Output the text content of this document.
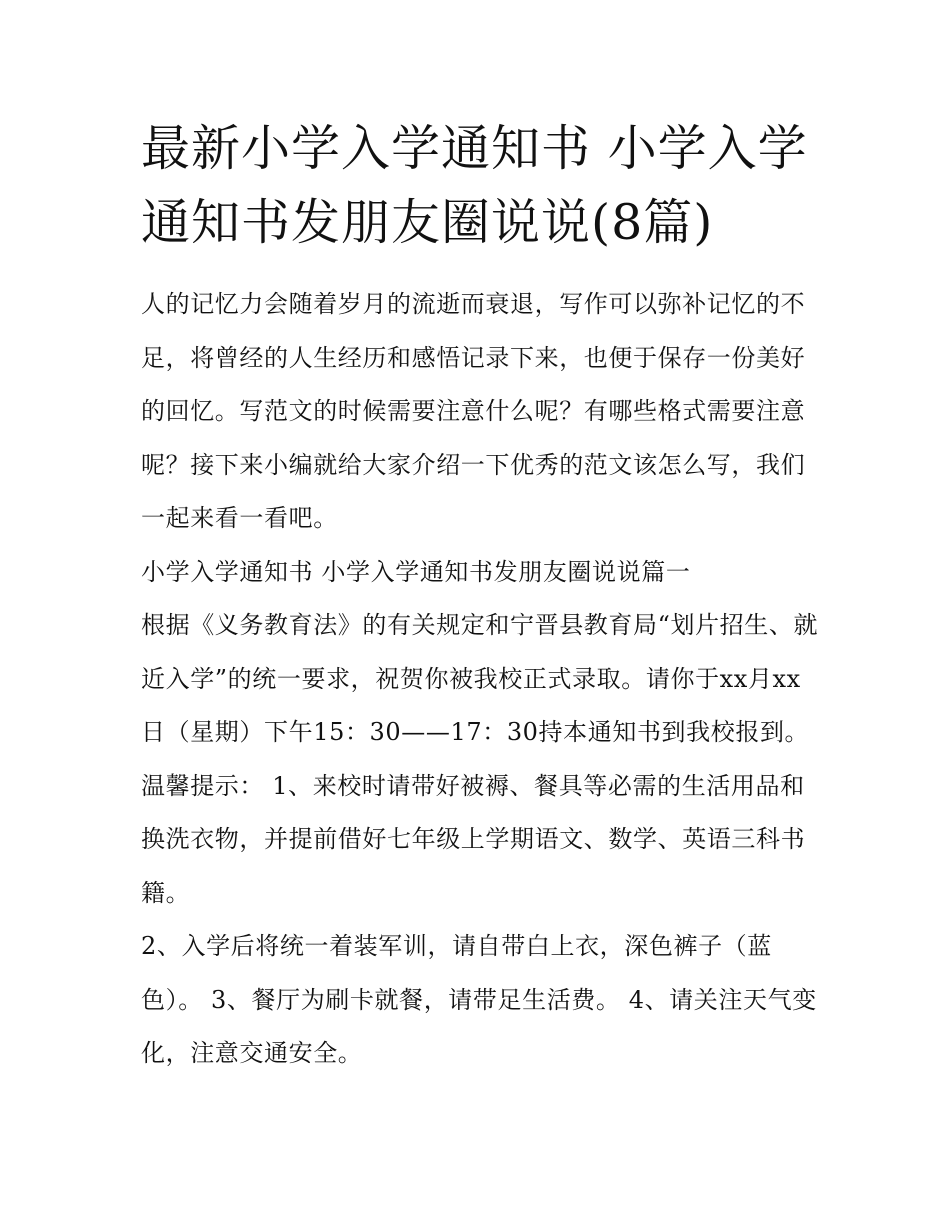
最新小学入学通知书 小学入学通知书发朋友圈说说(8篇)

人的记忆力会随着岁月的流逝而衰退，写作可以弥补记忆的不足，将曾经的人生经历和感悟记录下来，也便于保存一份美好的回忆。写范文的时候需要注意什么呢？有哪些格式需要注意呢？接下来小编就给大家介绍一下优秀的范文该怎么写，我们一起来看一看吧。

小学入学通知书 小学入学通知书发朋友圈说说篇一

根据《义务教育法》的有关规定和宁晋县教育局“划片招生、就近入学”的统一要求，祝贺你被我校正式录取。请你于xx月xx日（星期）下午15：30——17：30持本通知书到我校报到。

温馨提示： 1、来校时请带好被褥、餐具等必需的生活用品和换洗衣物，并提前借好七年级上学期语文、数学、英语三科书籍。

2、入学后将统一着装军训，请自带白上衣，深色裤子（蓝色）。 3、餐厅为刷卡就餐，请带足生活费。 4、请关注天气变化，注意交通安全。
